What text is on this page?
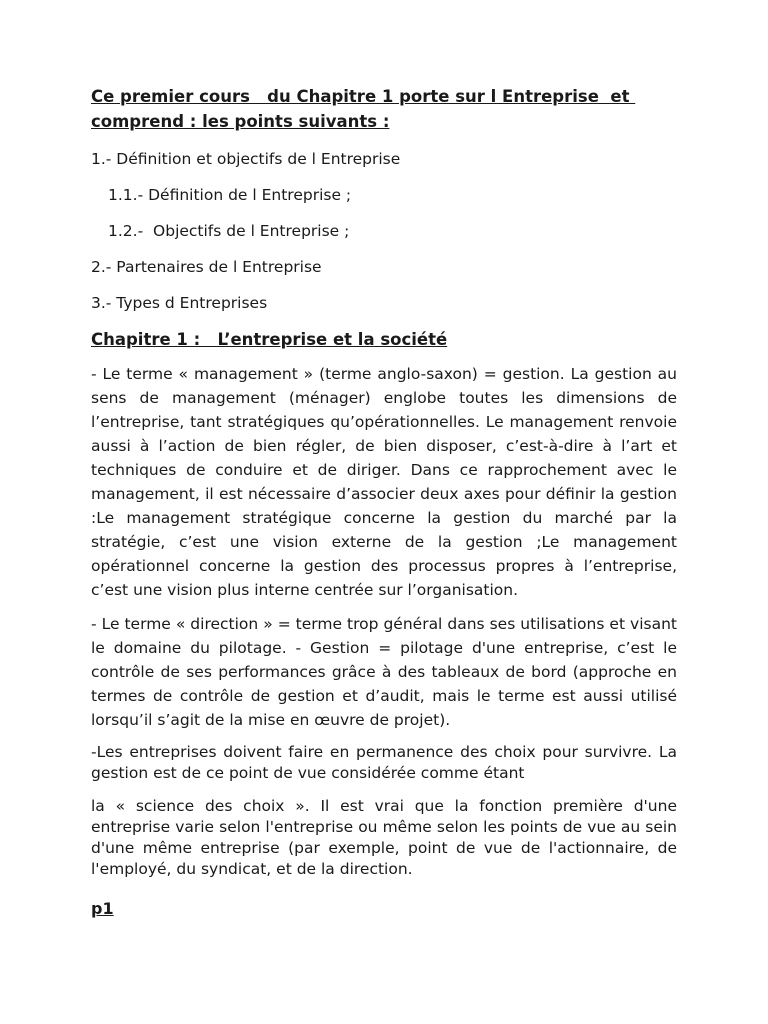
Ce premier cours   du Chapitre 1 porte sur l Entreprise  et comprend : les points suivants :

1.- Définition et objectifs de l Entreprise

1.1.- Définition de l Entreprise ;

1.2.-  Objectifs de l Entreprise ;

2.- Partenaires de l Entreprise

3.- Types d Entreprises

Chapitre 1 :   L’entreprise et la société

- Le terme « management » (terme anglo-saxon) = gestion. La gestion au sens de management (ménager) englobe toutes les dimensions de l’entreprise, tant stratégiques qu’opérationnelles. Le management renvoie aussi à l’action de bien régler, de bien disposer, c’est-à-dire à l’art et techniques de conduire et de diriger. Dans ce rapprochement avec le management, il est nécessaire d’associer deux axes pour définir la gestion :Le management stratégique concerne la gestion du marché par la stratégie, c’est une vision externe de la gestion ;Le management opérationnel concerne la gestion des processus propres à l’entreprise, c’est une vision plus interne centrée sur l’organisation.

- Le terme « direction » = terme trop général dans ses utilisations et visant le domaine du pilotage. - Gestion = pilotage d'une entreprise, c’est le contrôle de ses performances grâce à des tableaux de bord (approche en termes de contrôle de gestion et d’audit, mais le terme est aussi utilisé lorsqu’il s’agit de la mise en œuvre de projet).

-Les entreprises doivent faire en permanence des choix pour survivre. La gestion est de ce point de vue considérée comme étant

la « science des choix ». Il est vrai que la fonction première d'une entreprise varie selon l'entreprise ou même selon les points de vue au sein d'une même entreprise (par exemple, point de vue de l'actionnaire, de l'employé, du syndicat, et de la direction.

p1
